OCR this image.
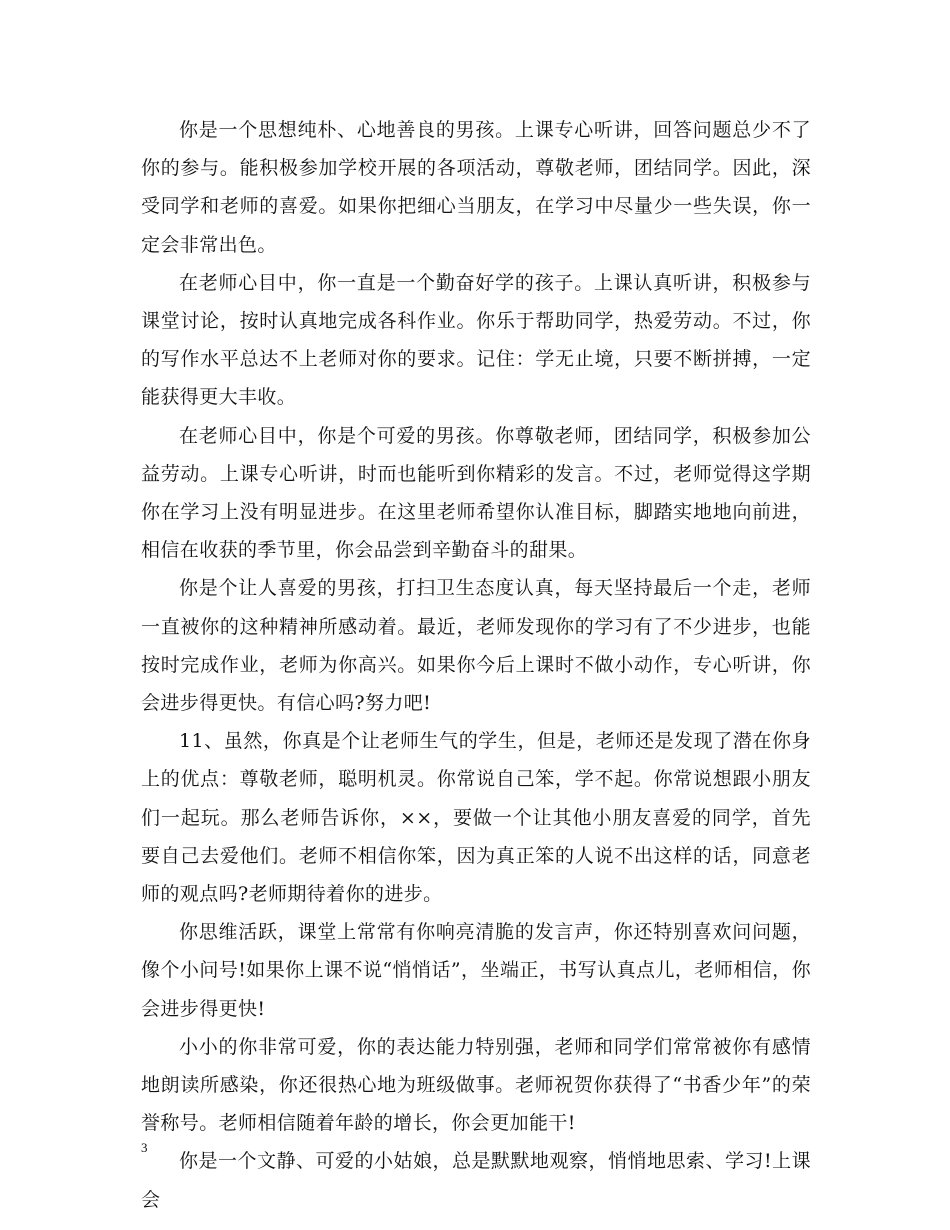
你是一个思想纯朴、心地善良的男孩。上课专心听讲，回答问题总少不了你的参与。能积极参加学校开展的各项活动，尊敬老师，团结同学。因此，深受同学和老师的喜爱。如果你把细心当朋友，在学习中尽量少一些失误，你一定会非常出色。

在老师心目中，你一直是一个勤奋好学的孩子。上课认真听讲，积极参与课堂讨论，按时认真地完成各科作业。你乐于帮助同学，热爱劳动。不过，你的写作水平总达不上老师对你的要求。记住：学无止境，只要不断拼搏，一定能获得更大丰收。

在老师心目中，你是个可爱的男孩。你尊敬老师，团结同学，积极参加公益劳动。上课专心听讲，时而也能听到你精彩的发言。不过，老师觉得这学期你在学习上没有明显进步。在这里老师希望你认准目标，脚踏实地地向前进，相信在收获的季节里，你会品尝到辛勤奋斗的甜果。

你是个让人喜爱的男孩，打扫卫生态度认真，每天坚持最后一个走，老师一直被你的这种精神所感动着。最近，老师发现你的学习有了不少进步，也能按时完成作业，老师为你高兴。如果你今后上课时不做小动作，专心听讲，你会进步得更快。有信心吗?努力吧!

11、虽然，你真是个让老师生气的学生，但是，老师还是发现了潜在你身上的优点：尊敬老师，聪明机灵。你常说自己笨，学不起。你常说想跟小朋友们一起玩。那么老师告诉你，××，要做一个让其他小朋友喜爱的同学，首先要自己去爱他们。老师不相信你笨，因为真正笨的人说不出这样的话，同意老师的观点吗?老师期待着你的进步。

你思维活跃，课堂上常常有你响亮清脆的发言声，你还特别喜欢问问题，像个小问号!如果你上课不说“悄悄话”，坐端正，书写认真点儿，老师相信，你会进步得更快!

小小的你非常可爱，你的表达能力特别强，老师和同学们常常被你有感情地朗读所感染，你还很热心地为班级做事。老师祝贺你获得了“书香少年”的荣誉称号。老师相信随着年龄的增长，你会更加能干!

你是一个文静、可爱的小姑娘，总是默默地观察，悄悄地思索、学习!上课会

3
